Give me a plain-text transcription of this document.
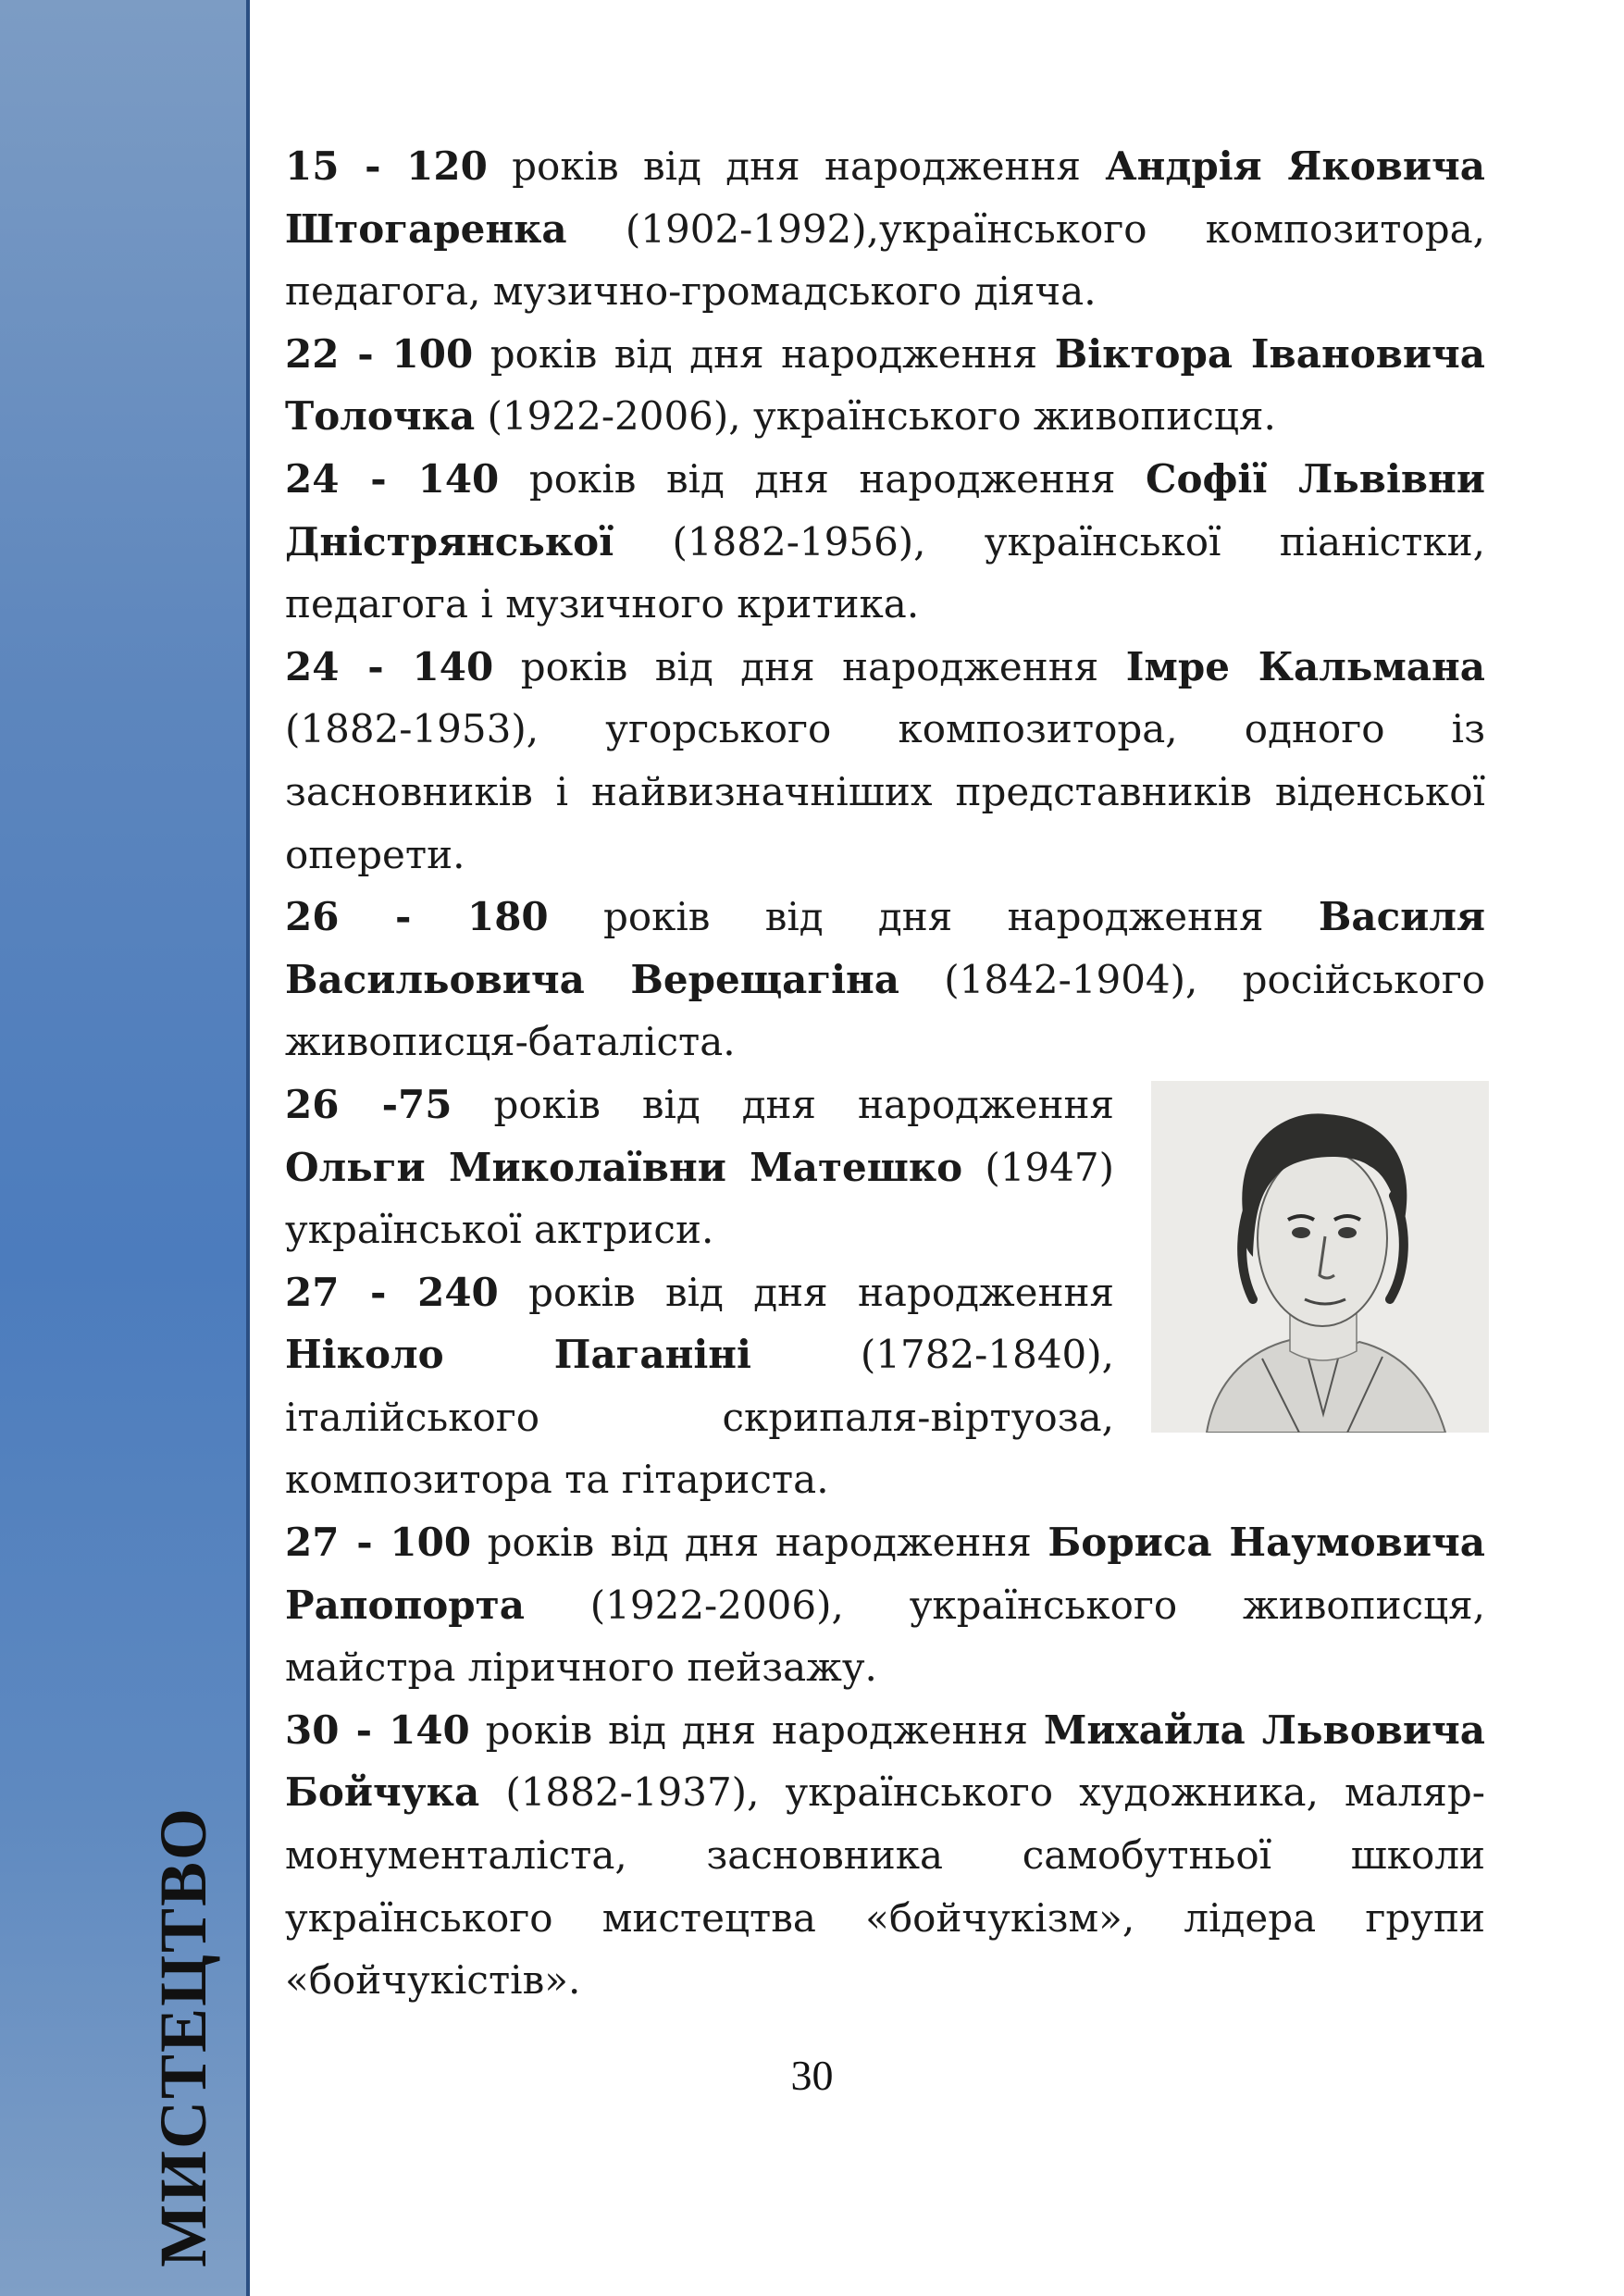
МИСТЕЦТВО

15 - 120 років від дня народження Андрія Яковича Штогаренка (1902-1992),українського композитора, педагога, музично-громадського діяча.

22 - 100 років від дня народження Віктора Івановича Толочка (1922-2006), українського живописця.

24 - 140 років від дня народження Софії Львівни Дністрянської (1882-1956), української піаністки, педагога і музичного критика.

24 - 140 років від дня народження Імре Кальмана (1882-1953), угорського композитора, одного із засновників і найвизначніших представників віденської оперети.

26 - 180 років від дня народження Василя Васильовича Верещагіна (1842-1904), російського живописця-баталіста.

26 -75 років від дня народження Ольги Миколаївни Матешко (1947) української актриси.

27 - 240 років від дня народження Ніколо Паганіні	(1782-1840), італійського скрипаля-віртуоза, композитора та гітариста.

27 - 100 років від дня народження Бориса Наумовича Рапопорта (1922-2006), українського живописця, майстра ліричного пейзажу.

30 - 140 років від дня народження Михайла Львовича Бойчука (1882-1937), українського художника, маляр-монументаліста, засновника самобутньої школи українського мистецтва «бойчукізм», лідера групи «бойчукістів».

30
